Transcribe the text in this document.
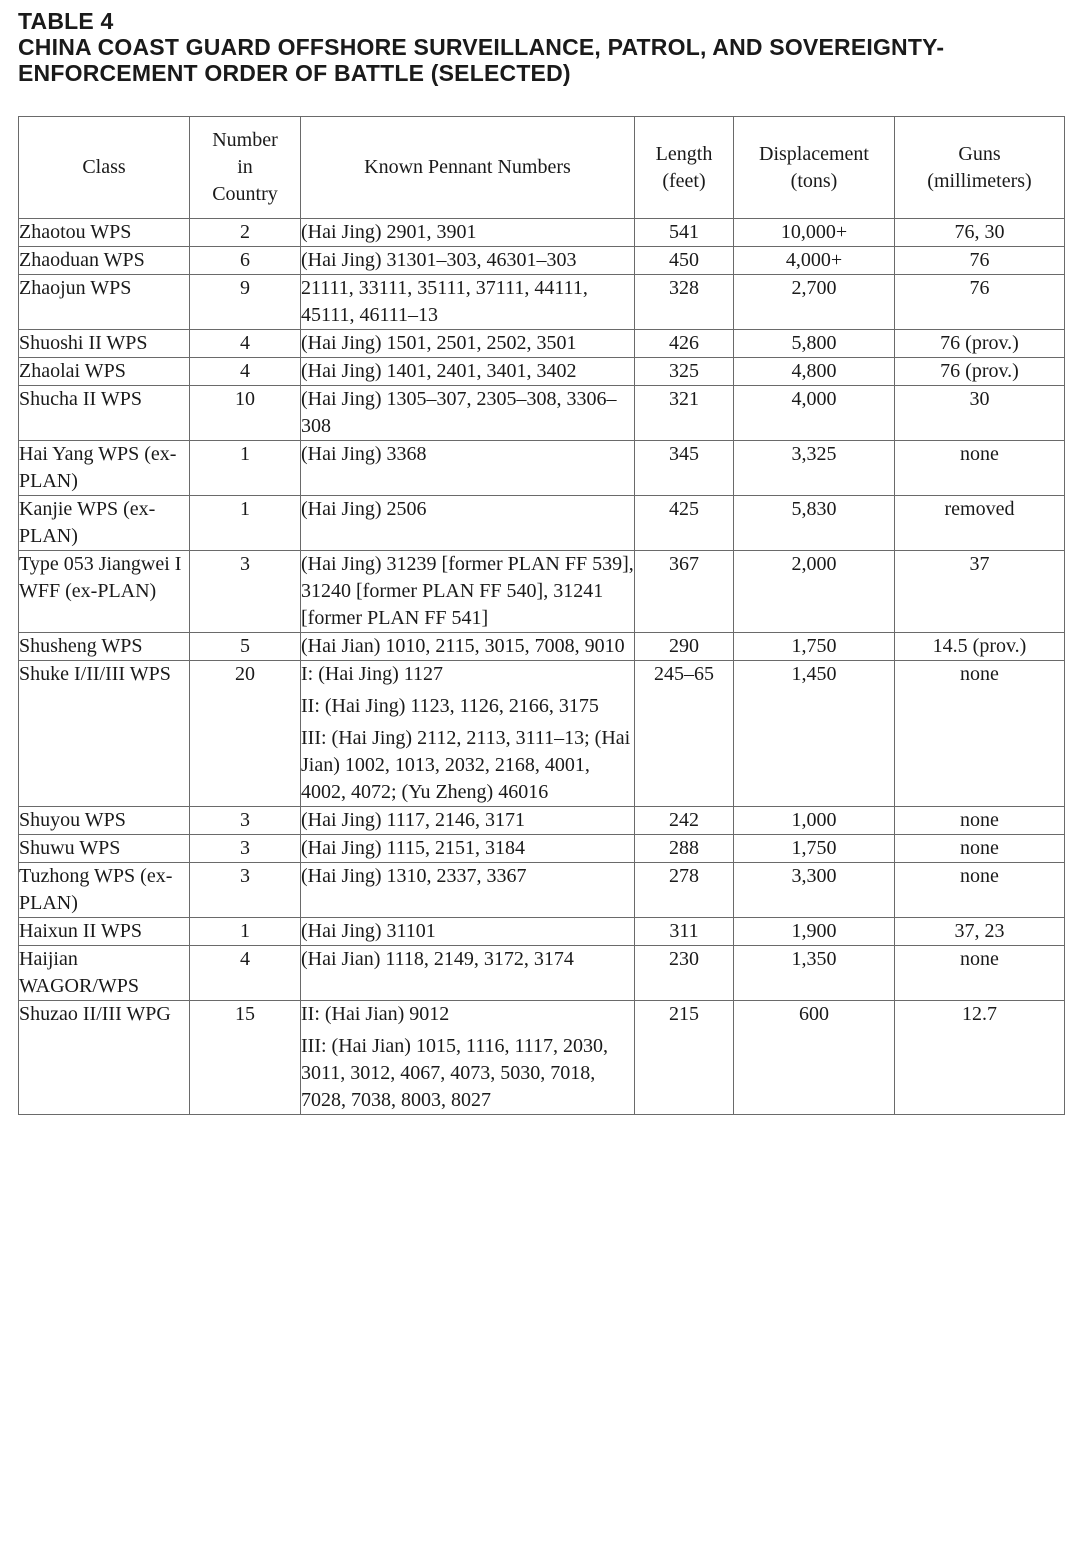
TABLE 4
CHINA COAST GUARD OFFSHORE SURVEILLANCE, PATROL, AND SOVEREIGNTY-
ENFORCEMENT ORDER OF BATTLE (SELECTED)
Class	Number
in
Country	Known Pennant Numbers	Length
(feet)	Displacement
(tons)	Guns
(millimeters)

Zhaotou WPS	2	(Hai Jing) 2901, 3901	541	10,000+	76, 30
Zhaoduan WPS	6	(Hai Jing) 31301–303, 46301–303	450	4,000+	76
Zhaojun WPS	9	21111, 33111, 35111, 37111, 44111, 45111, 46111–13	328	2,700	76
Shuoshi II WPS	4	(Hai Jing) 1501, 2501, 2502, 3501	426	5,800	76 (prov.)
Zhaolai WPS	4	(Hai Jing) 1401, 2401, 3401, 3402	325	4,800	76 (prov.)
Shucha II WPS	10	(Hai Jing) 1305–307, 2305–308, 3306–308	321	4,000	30
Hai Yang WPS (ex-PLAN)	1	(Hai Jing) 3368	345	3,325	none
Kanjie WPS (ex-PLAN)	1	(Hai Jing) 2506	425	5,830	removed
Type 053 Jiangwei I WFF (ex-PLAN)	3	(Hai Jing) 31239 [former PLAN FF 539], 31240 [former PLAN FF 540], 31241 [former PLAN FF 541]	367	2,000	37
Shusheng WPS	5	(Hai Jian) 1010, 2115, 3015, 7008, 9010	290	1,750	14.5 (prov.)
Shuke I/II/III WPS	20	I: (Hai Jing) 1127
II: (Hai Jing) 1123, 1126, 2166, 3175
III: (Hai Jing) 2112, 2113, 3111–13; (Hai Jian) 1002, 1013, 2032, 2168, 4001, 4002, 4072; (Yu Zheng) 46016	245–65	1,450	none
Shuyou WPS	3	(Hai Jing) 1117, 2146, 3171	242	1,000	none
Shuwu WPS	3	(Hai Jing) 1115, 2151, 3184	288	1,750	none
Tuzhong WPS (ex-PLAN)	3	(Hai Jing) 1310, 2337, 3367	278	3,300	none
Haixun II WPS	1	(Hai Jing) 31101	311	1,900	37, 23
Haijian WAGOR/WPS	4	(Hai Jian) 1118, 2149, 3172, 3174	230	1,350	none
Shuzao II/III WPG	15	II: (Hai Jian) 9012
III: (Hai Jian) 1015, 1116, 1117, 2030, 3011, 3012, 4067, 4073, 5030, 7018, 7028, 7038, 8003, 8027	215	600	12.7
